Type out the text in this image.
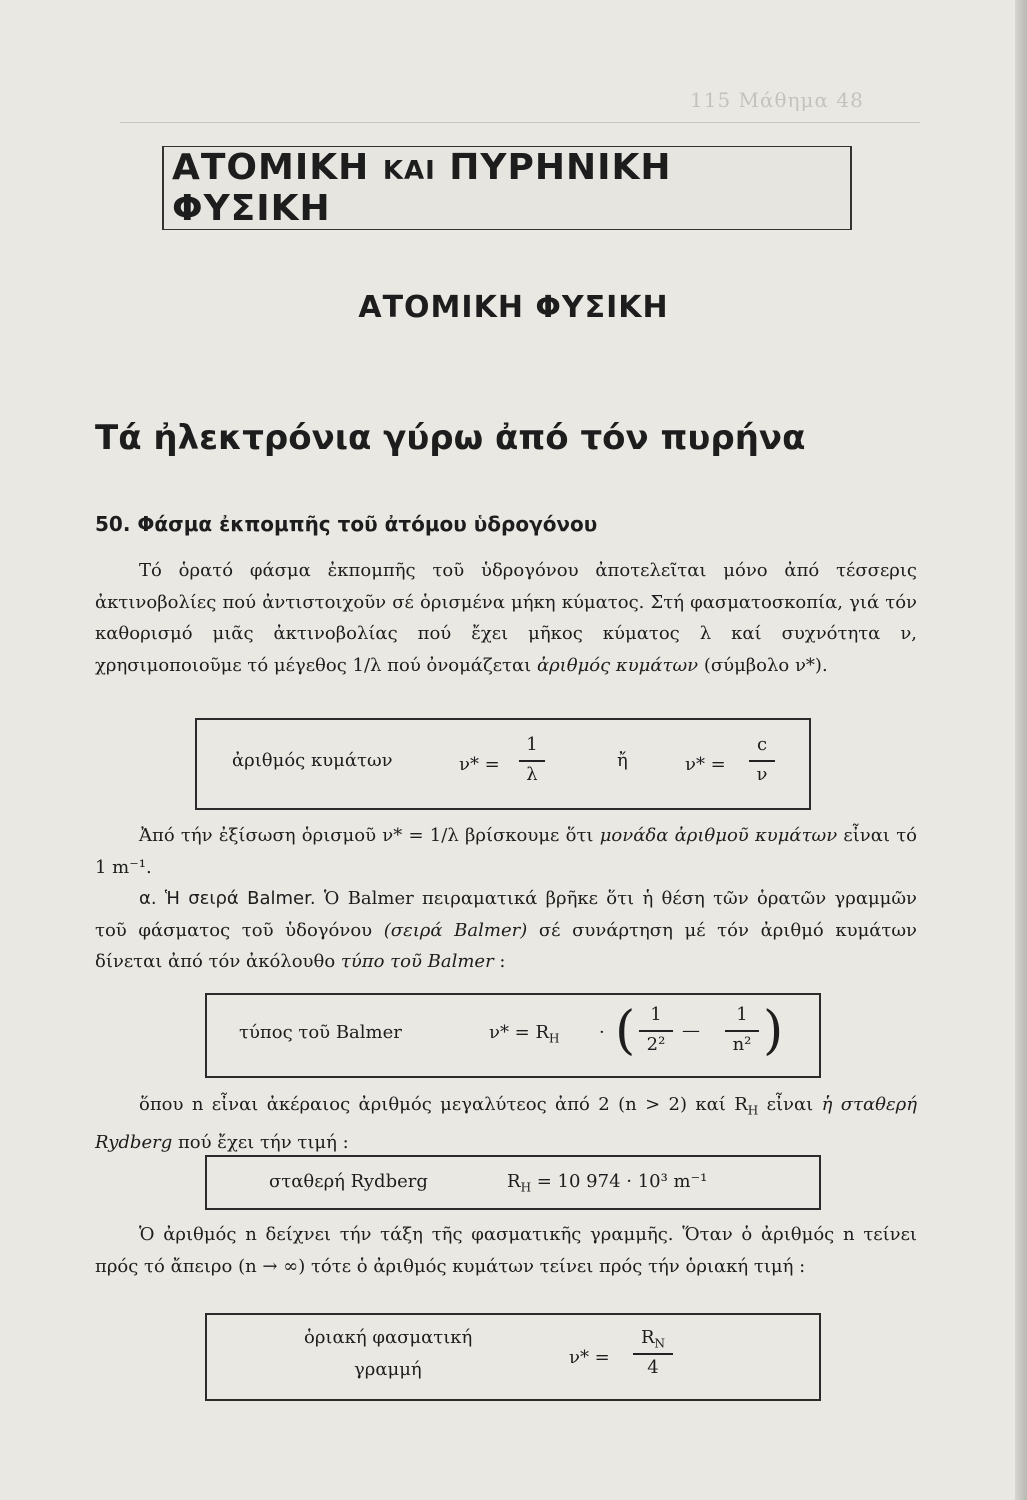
115 Μάθημα 48
ΑΤΟΜΙΚΗ ΚΑΙ ΠΥΡΗΝΙΚΗ ΦΥΣΙΚΗ
ΑΤΟΜΙΚΗ ΦΥΣΙΚΗ
Τά ἠλεκτρόνια γύρω ἀπό τόν πυρήνα
50. Φάσμα ἐκπομπῆς τοῦ ἀτόμου ὑδρογόνου

Τό ὁρατό φάσμα ἐκπομπῆς τοῦ ὑδρογόνου ἀποτελεῖται μόνο ἀπό τέσσερις ἀκτινοβολίες πού ἀντιστοιχοῦν σέ ὁρισμένα μήκη κύματος. Στή φασματοσκοπία, γιά τόν καθορισμό μιᾶς ἀκτινοβολίας πού ἔχει μῆκος κύματος λ καί συχνότητα ν, χρησιμοποιοῦμε τό μέγεθος 1/λ πού ὀνομάζεται ἀριθμός κυμάτων (σύμβολο ν*).

ἀριθμός κυμάτων	ν* =
1
λ
ἤ	ν* =
c
ν

Ἀπό τήν ἐξίσωση ὁρισμοῦ ν* = 1/λ βρίσκουμε ὅτι μονάδα ἀριθμοῦ κυμάτων εἶναι τό 1 m⁻¹.

α. Ἡ σειρά Balmer. Ὁ Balmer πειραματικά βρῆκε ὅτι ἡ θέση τῶν ὁρατῶν γραμμῶν τοῦ φάσματος τοῦ ὑδογόνου (σειρά Balmer) σέ συνάρτηση μέ τόν ἀριθμό κυμάτων δίνεται ἀπό τόν ἀκόλουθο τύπο τοῦ Balmer :

τύπος τοῦ Balmer	$\nu* = R_H$ · ( 1
2²
—
1
n² )

ὅπου n εἶναι ἀκέραιος ἀριθμός μεγαλύτεος ἀπό 2 (n > 2) καί $R_H$ εἶναι ἡ σταθερή Rydberg πού ἔχει τήν τιμή :

σταθερή Rydberg	$R_H = 10$ 974 · 10³ m⁻¹

Ὁ ἀριθμός n δείχνει τήν τάξη τῆς φασματικῆς γραμμῆς. Ὅταν ὁ ἀριθμός n τείνει πρός τό ἄπειρο (n → ∞) τότε ὁ ἀριθμός κυμάτων τείνει πρός τήν ὁριακή τιμή :

ὁριακή φασματική
γραμμή
ν* =
$R_N$
4
